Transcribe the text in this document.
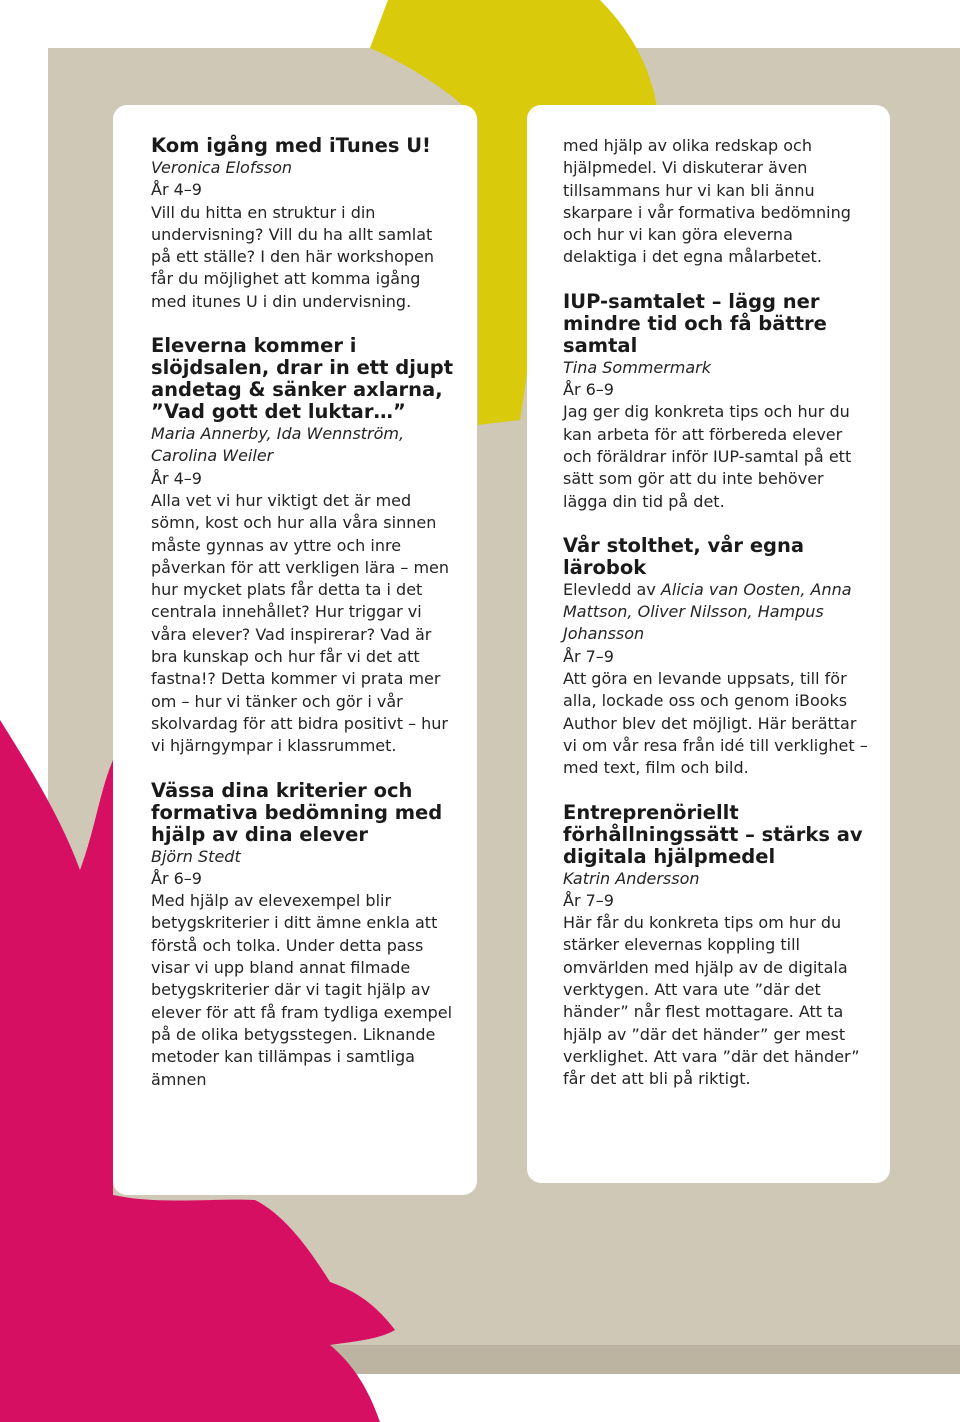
Kom igång med iTunes U!
Veronica Elofsson
År 4–9
Vill du hitta en struktur i din undervisning? Vill du ha allt samlat på ett ställe? I den här workshopen får du möjlighet att komma igång med itunes U i din undervisning.
Eleverna kommer i slöjdsalen, drar in ett djupt andetag & sänker axlarna, ”Vad gott det luktar…”
Maria Annerby, Ida Wennström, Carolina Weiler
År 4–9
Alla vet vi hur viktigt det är med sömn, kost och hur alla våra sinnen måste gynnas av yttre och inre påverkan för att verkligen lära – men hur mycket plats får detta ta i det centrala innehållet? Hur triggar vi våra elever? Vad inspirerar? Vad är bra kunskap och hur får vi det att fastna!? Detta kommer vi prata mer om – hur vi tänker och gör i vår skolvardag för att bidra positivt – hur vi hjärngympar i klassrummet.
Vässa dina kriterier och formativa bedömning med hjälp av dina elever
Björn Stedt
År 6–9
Med hjälp av elevexempel blir betygskriterier i ditt ämne enkla att förstå och tolka. Under detta pass visar vi upp bland annat filmade betygskriterier där vi tagit hjälp av elever för att få fram tydliga exempel på de olika betygsstegen. Liknande metoder kan tillämpas i samtliga ämnen
med hjälp av olika redskap och hjälpmedel. Vi diskuterar även tillsammans hur vi kan bli ännu skarpare i vår formativa bedömning och hur vi kan göra eleverna delaktiga i det egna målarbetet.
IUP-samtalet – lägg ner mindre tid och få bättre samtal
Tina Sommermark
År 6–9
Jag ger dig konkreta tips och hur du kan arbeta för att förbereda elever och föräldrar inför IUP-samtal på ett sätt som gör att du inte behöver lägga din tid på det.
Vår stolthet, vår egna lärobok
Elevledd av Alicia van Oosten, Anna Mattson, Oliver Nilsson, Hampus Johansson
År 7–9
Att göra en levande uppsats, till för alla, lockade oss och genom iBooks Author blev det möjligt. Här berättar vi om vår resa från idé till verklighet – med text, film och bild.
Entreprenöriellt förhållningssätt – stärks av digitala hjälpmedel
Katrin Andersson
År 7–9
Här får du konkreta tips om hur du stärker elevernas koppling till omvärlden med hjälp av de digitala verktygen. Att vara ute ”där det händer” når flest mottagare. Att ta hjälp av ”där det händer” ger mest verklighet. Att vara ”där det händer” får det att bli på riktigt.
